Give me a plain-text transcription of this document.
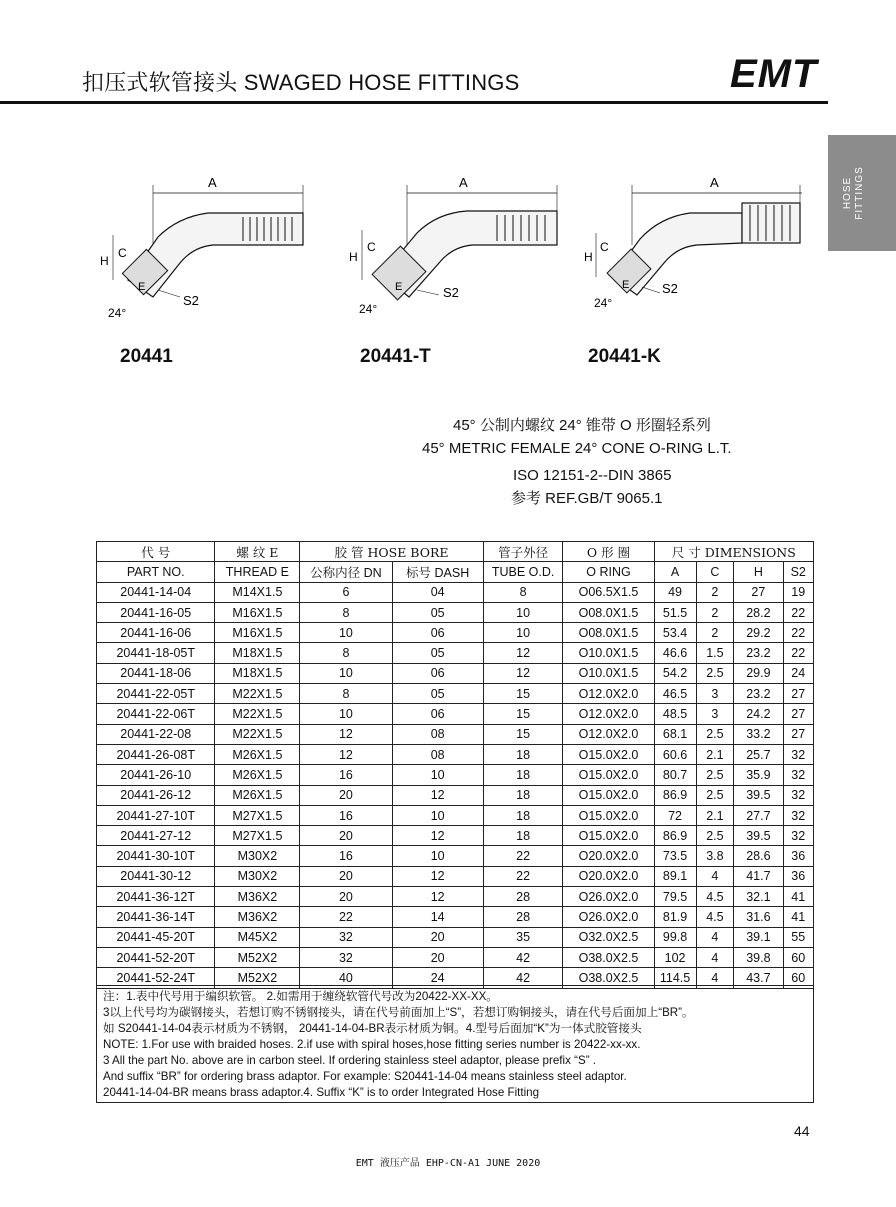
扣压式软管接头 SWAGED HOSE FITTINGS	EMT
HOSE FITTINGS
A
H
C
E
S2
24°
A
H
C
E	S2
24°
A
H
C
E	S2
24°
20441	20441-T	20441-K
45° 公制内螺纹 24° 锥带 O 形圈轻系列
45° METRIC FEMALE 24° CONE O-RING L.T.
ISO 12151-2--DIN 3865
参考 REF.GB/T 9065.1
代 号	螺 纹 E	胶 管 HOSE BORE		管子外径	O 形 圈	尺 寸 DIMENSIONS			
PART NO.	THREAD E	公称内径 DN	标号 DASH	TUBE O.D.	O RING	A	C	H	S2
20441-14-04	M14X1.5	6	04	8	O06.5X1.5	49	2	27	19
20441-16-05	M16X1.5	8	05	10	O08.0X1.5	51.5	2	28.2	22
20441-16-06	M16X1.5	10	06	10	O08.0X1.5	53.4	2	29.2	22
20441-18-05T	M18X1.5	8	05	12	O10.0X1.5	46.6	1.5	23.2	22
20441-18-06	M18X1.5	10	06	12	O10.0X1.5	54.2	2.5	29.9	24
20441-22-05T	M22X1.5	8	05	15	O12.0X2.0	46.5	3	23.2	27
20441-22-06T	M22X1.5	10	06	15	O12.0X2.0	48.5	3	24.2	27
20441-22-08	M22X1.5	12	08	15	O12.0X2.0	68.1	2.5	33.2	27
20441-26-08T	M26X1.5	12	08	18	O15.0X2.0	60.6	2.1	25.7	32
20441-26-10	M26X1.5	16	10	18	O15.0X2.0	80.7	2.5	35.9	32
20441-26-12	M26X1.5	20	12	18	O15.0X2.0	86.9	2.5	39.5	32
20441-27-10T	M27X1.5	16	10	18	O15.0X2.0	72	2.1	27.7	32
20441-27-12	M27X1.5	20	12	18	O15.0X2.0	86.9	2.5	39.5	32
20441-30-10T	M30X2	16	10	22	O20.0X2.0	73.5	3.8	28.6	36
20441-30-12	M30X2	20	12	22	O20.0X2.0	89.1	4	41.7	36
20441-36-12T	M36X2	20	12	28	O26.0X2.0	79.5	4.5	32.1	41
20441-36-14T	M36X2	22	14	28	O26.0X2.0	81.9	4.5	31.6	41
20441-45-20T	M45X2	32	20	35	O32.0X2.5	99.8	4	39.1	55
20441-52-20T	M52X2	32	20	42	O38.0X2.5	102	4	39.8	60
20441-52-24T	M52X2	40	24	42	O38.0X2.5	114.5	4	43.7	60
注：1.表中代号用于编织软管。 2.如需用于缠绕软管代号改为20422-XX-XX。
3以上代号均为碳钢接头，若想订购不锈钢接头，请在代号前面加上“S”，若想订购铜接头，请在代号后面加上“BR”。
如 S20441-14-04表示材质为不锈钢， 20441-14-04-BR表示材质为铜。4.型号后面加“K”为一体式胶管接头
NOTE: 1.For use with braided hoses. 2.if use with spiral hoses,hose fitting series number is 20422-xx-xx.
3 All the part No. above are in carbon steel. If ordering stainless steel adaptor, please prefix “S” .
And suffix “BR” for ordering brass adaptor. For example: S20441-14-04 means stainless steel adaptor.
20441-14-04-BR means brass adaptor.4. Suffix “K” is to order Integrated Hose Fitting
44
EMT 液压产品 EHP-CN-A1 JUNE 2020
